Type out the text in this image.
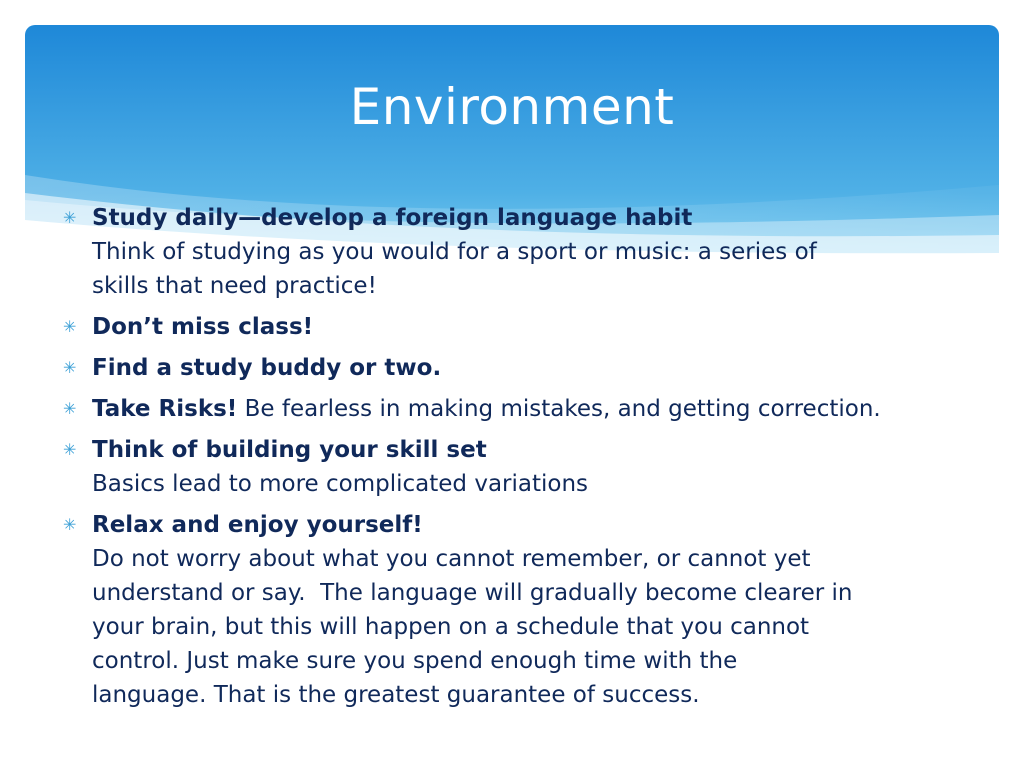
Environment
✳ Study daily—develop a foreign language habit
Think of studying as you would for a sport or music: a series of
skills that need practice!
✳ Don’t miss class!
✳ Find a study buddy or two.
✳ Take Risks! Be fearless in making mistakes, and getting correction.
✳ Think of building your skill set
Basics lead to more complicated variations
✳ Relax and enjoy yourself!
Do not worry about what you cannot remember, or cannot yet
understand or say.  The language will gradually become clearer in
your brain, but this will happen on a schedule that you cannot
control. Just make sure you spend enough time with the
language. That is the greatest guarantee of success.
